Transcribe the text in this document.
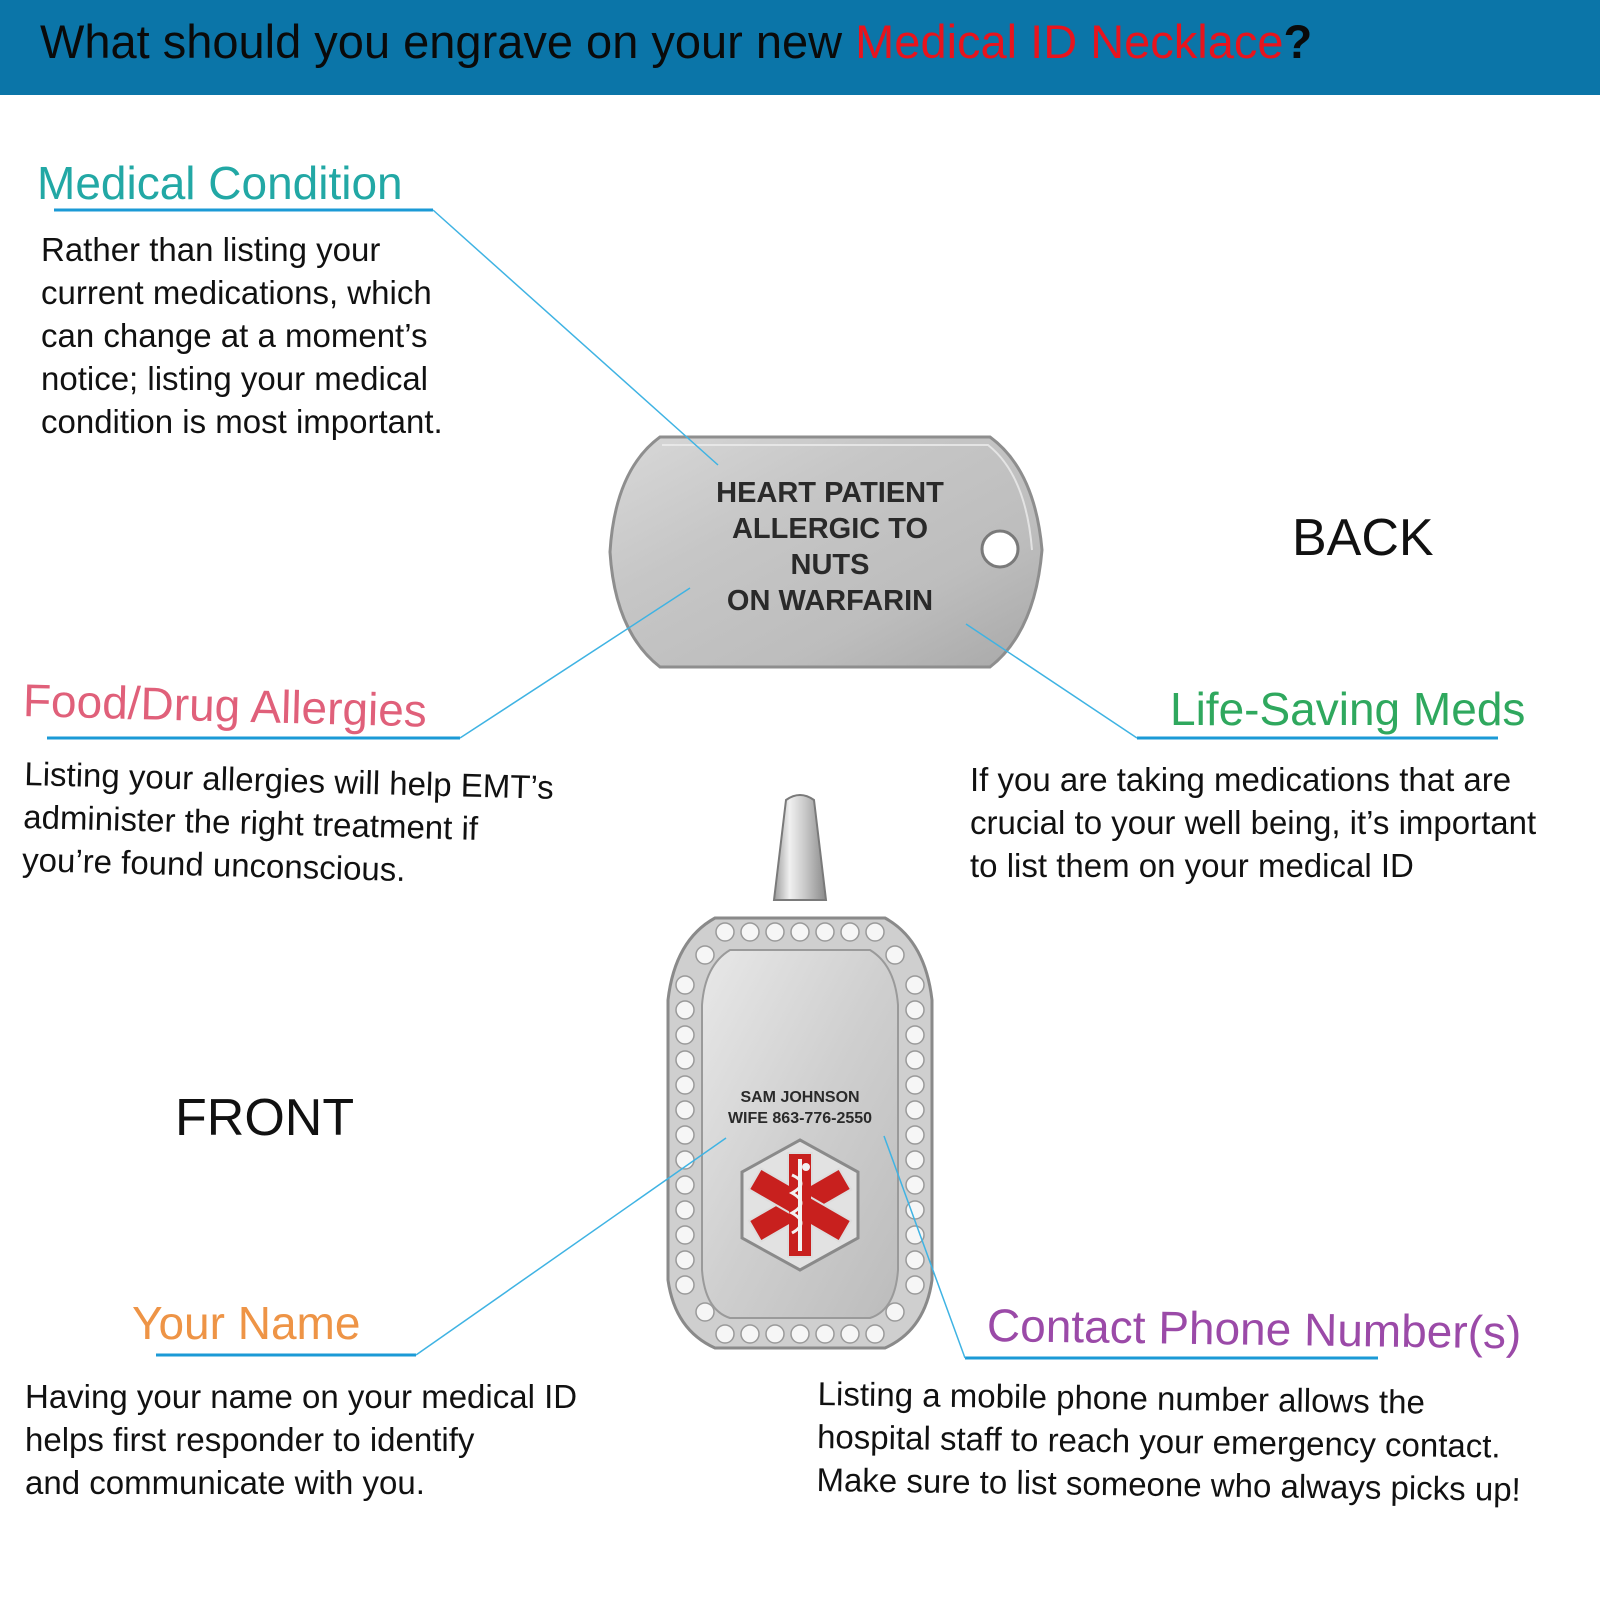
What should you engrave on your new Medical ID Necklace?
HEART PATIENT
ALLERGIC TO
NUTS
ON WARFARIN
SAM JOHNSON
WIFE 863-776-2550
BACK
FRONT
Medical Condition
Rather than listing your
current medications, which
can change at a moment’s
notice; listing your medical
condition is most important.
Food/Drug Allergies
Listing your allergies will help EMT’s
administer the right treatment if
you’re found unconscious.
Life-Saving Meds
If you are taking medications that are
crucial to your well being, it’s important
to list them on your medical ID
Your Name
Having your name on your medical ID
helps first responder to identify
and communicate with you.
Contact Phone Number(s)
Listing a mobile phone number allows the
hospital staff to reach your emergency contact.
Make sure to list someone who always picks up!
